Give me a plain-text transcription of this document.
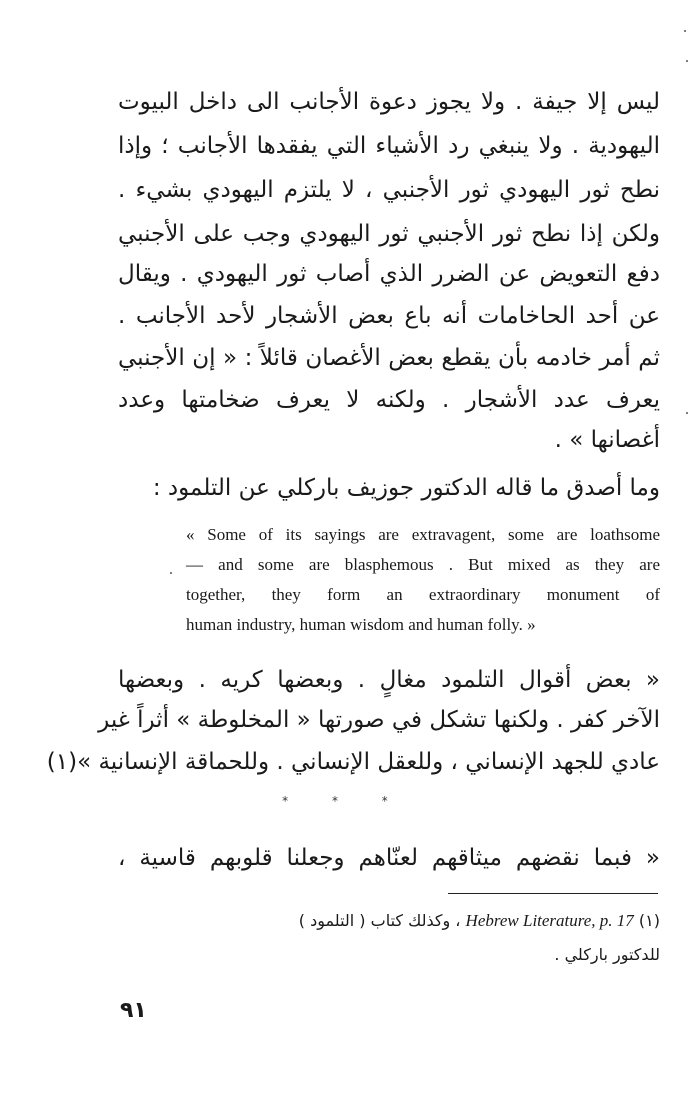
ليس إلا جيفة . ولا يجوز دعوة الأجانب الى داخل البيوت
اليهودية . ولا ينبغي رد الأشياء التي يفقدها الأجانب ؛ وإذا
نطح ثور اليهودي ثور الأجنبي ، لا يلتزم اليهودي بشيء .
ولكن إذا نطح ثور الأجنبي ثور اليهودي وجب على الأجنبي
دفع التعويض عن الضرر الذي أصاب ثور اليهودي . ويقال
عن أحد الحاخامات أنه باع بعض الأشجار لأحد الأجانب .
ثم أمر خادمه بأن يقطع بعض الأغصان قائلاً : « إن الأجنبي
يعرف عدد الأشجار . ولكنه لا يعرف ضخامتها وعدد
أغصانها » .
وما أصدق ما قاله الدكتور جوزيف باركلي عن التلمود :
« Some of its sayings are extravagent, some are loathsome
— and some are blasphemous . But mixed as they are
together, they form an extraordinary monument of
human industry, human wisdom and human folly. »
« بعض أقوال التلمود مغالٍ . وبعضها كريه . وبعضها
الآخر كفر . ولكنها تشكل في صورتها « المخلوطة » أثراً غير
عادي للجهد الإنساني ، وللعقل الإنساني . وللحماقة الإنسانية »(١)
* * *
« فبما نقضهم ميثاقهم لعنّاهم وجعلنا قلوبهم قاسية ،
(١) Hebrew Literature, p. 17 ، وكذلك كتاب ( التلمود )
للدكتور باركلي .
٩١
